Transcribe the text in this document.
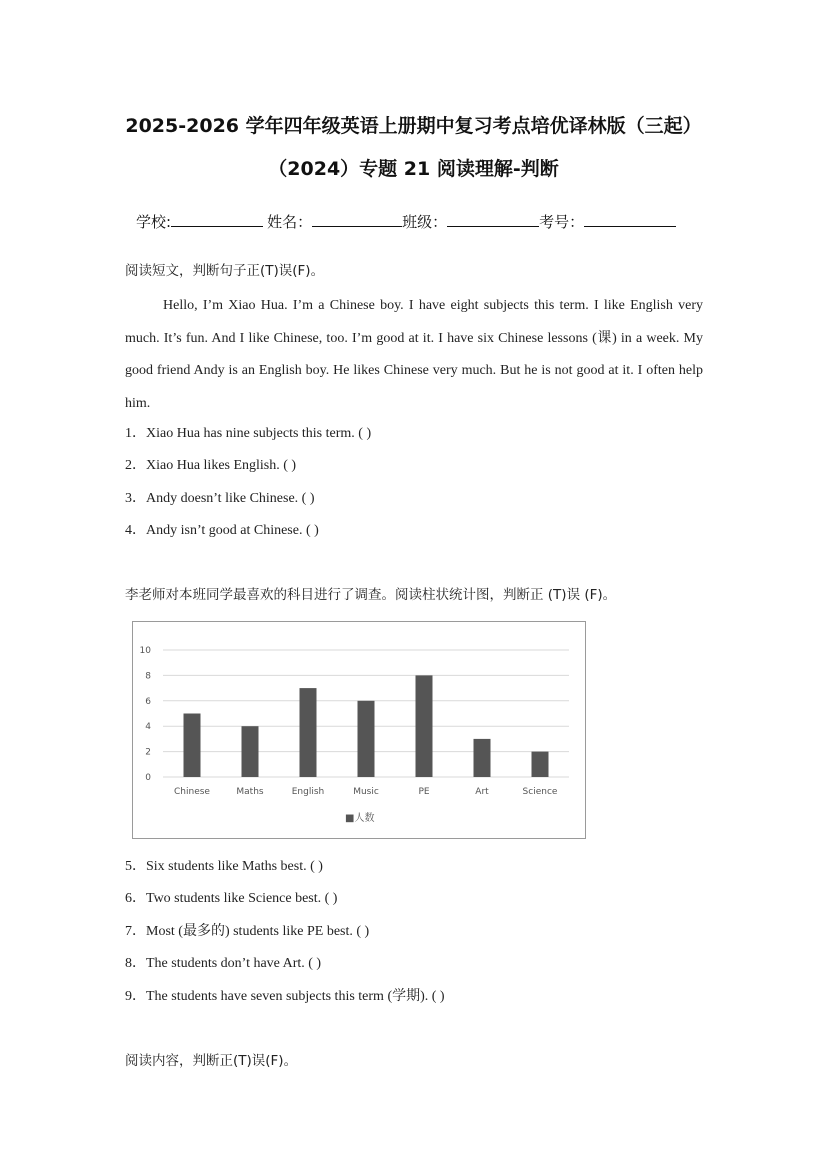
2025-2026 学年四年级英语上册期中复习考点培优译林版（三起）
（2024）专题 21 阅读理解-判断
学校:	姓名：	班级：	考号：
阅读短文，判断句子正(T)误(F)。
Hello, I’m Xiao Hua. I’m a Chinese boy. I have eight subjects this term. I like English very much. It’s fun. And I like Chinese, too. I’m good at it. I have six Chinese lessons (课) in a week. My good friend Andy is an English boy. He likes Chinese very much. But he is not good at it. I often help him.
1．Xiao Hua has nine subjects this term. ( )
2．Xiao Hua likes English. ( )
3．Andy doesn’t like Chinese. ( )
4．Andy isn’t good at Chinese. ( )
李老师对本班同学最喜欢的科目进行了调查。阅读柱状统计图，判断正 (T)误 (F)。
0
2
4
6
8
10
Chinese	Maths	English	Music	PE	Art	Science
■人数
5．Six students like Maths best. ( )
6．Two students like Science best. ( )
7．Most (最多的) students like PE best. ( )
8．The students don’t have Art. ( )
9．The students have seven subjects this term (学期). ( )
阅读内容，判断正(T)误(F)。
